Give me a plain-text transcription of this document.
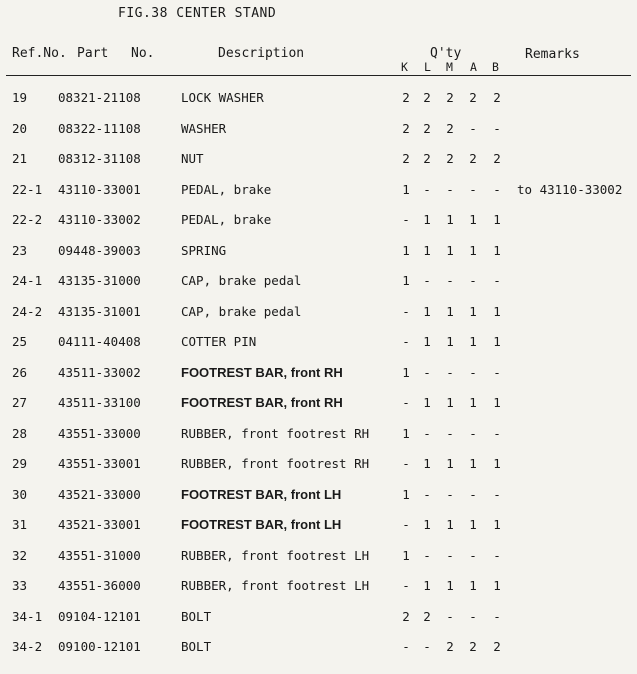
FIG.38 CENTER STAND
Ref.No. Part No.	Description	Q'ty	Remarks
K L M A B
19 08321-21108	LOCK WASHER	2 2 2 2 2
20 08322-11108	WASHER	2 2 2 - -
21 08312-31108	NUT	2 2 2 2 2
22-1 43110-33001	PEDAL, brake	1 - - - - to 43110-33002
22-2 43110-33002	PEDAL, brake	- 1 1 1 1
23 09448-39003	SPRING	1 1 1 1 1
24-1 43135-31000	CAP, brake pedal	1 - - - -
24-2 43135-31001	CAP, brake pedal	- 1 1 1 1
25 04111-40408	COTTER PIN	- 1 1 1 1
26 43511-33002	FOOTREST BAR, front RH	1 - - - -
27 43511-33100	FOOTREST BAR, front RH	- 1 1 1 1
28 43551-33000	RUBBER, front footrest RH	1 - - - -
29 43551-33001	RUBBER, front footrest RH	- 1 1 1 1
30 43521-33000	FOOTREST BAR, front LH	1 - - - -
31 43521-33001	FOOTREST BAR, front LH	- 1 1 1 1
32 43551-31000	RUBBER, front footrest LH	1 - - - -
33 43551-36000	RUBBER, front footrest LH	- 1 1 1 1
34-1 09104-12101	BOLT	2 2 - - -
34-2 09100-12101	BOLT	- - 2 2 2
